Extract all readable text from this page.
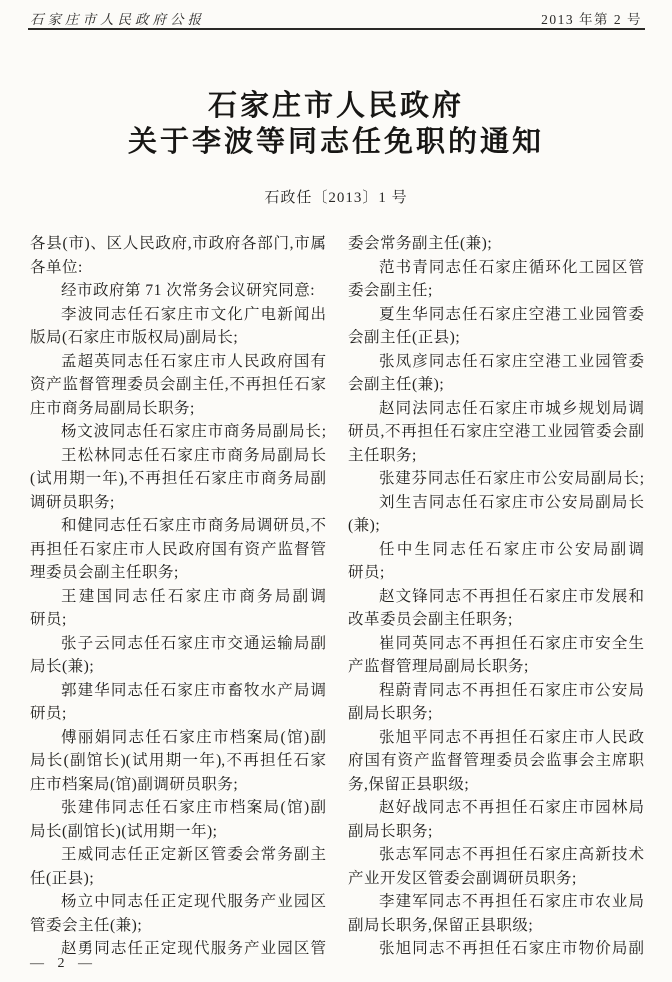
石家庄市人民政府公报	2013 年第 2 号
石家庄市人民政府
关于李波等同志任免职的通知
石政任〔2013〕1 号
各县(市)、区人民政府,市政府各部门,市属
各单位:
经市政府第 71 次常务会议研究同意:
李波同志任石家庄市文化广电新闻出
版局(石家庄市版权局)副局长;
孟超英同志任石家庄市人民政府国有
资产监督管理委员会副主任,不再担任石家
庄市商务局副局长职务;
杨文波同志任石家庄市商务局副局长;
王松林同志任石家庄市商务局副局长
(试用期一年),不再担任石家庄市商务局副
调研员职务;
和健同志任石家庄市商务局调研员,不
再担任石家庄市人民政府国有资产监督管
理委员会副主任职务;
王建国同志任石家庄市商务局副调
研员;
张子云同志任石家庄市交通运输局副
局长(兼);
郭建华同志任石家庄市畜牧水产局调
研员;
傅丽娟同志任石家庄市档案局(馆)副
局长(副馆长)(试用期一年),不再担任石家
庄市档案局(馆)副调研员职务;
张建伟同志任石家庄市档案局(馆)副
局长(副馆长)(试用期一年);
王威同志任正定新区管委会常务副主
任(正县);
杨立中同志任正定现代服务产业园区
管委会主任(兼);
赵勇同志任正定现代服务产业园区管
委会常务副主任(兼);
范书青同志任石家庄循环化工园区管
委会副主任;
夏生华同志任石家庄空港工业园管委
会副主任(正县);
张凤彦同志任石家庄空港工业园管委
会副主任(兼);
赵同法同志任石家庄市城乡规划局调
研员,不再担任石家庄空港工业园管委会副
主任职务;
张建芬同志任石家庄市公安局副局长;
刘生吉同志任石家庄市公安局副局长
(兼);
任中生同志任石家庄市公安局副调
研员;
赵文锋同志不再担任石家庄市发展和
改革委员会副主任职务;
崔同英同志不再担任石家庄市安全生
产监督管理局副局长职务;
程蔚青同志不再担任石家庄市公安局
副局长职务;
张旭平同志不再担任石家庄市人民政
府国有资产监督管理委员会监事会主席职
务,保留正县职级;
赵好战同志不再担任石家庄市园林局
副局长职务;
张志军同志不再担任石家庄高新技术
产业开发区管委会副调研员职务;
李建军同志不再担任石家庄市农业局
副局长职务,保留正县职级;
张旭同志不再担任石家庄市物价局副
— 2 —
